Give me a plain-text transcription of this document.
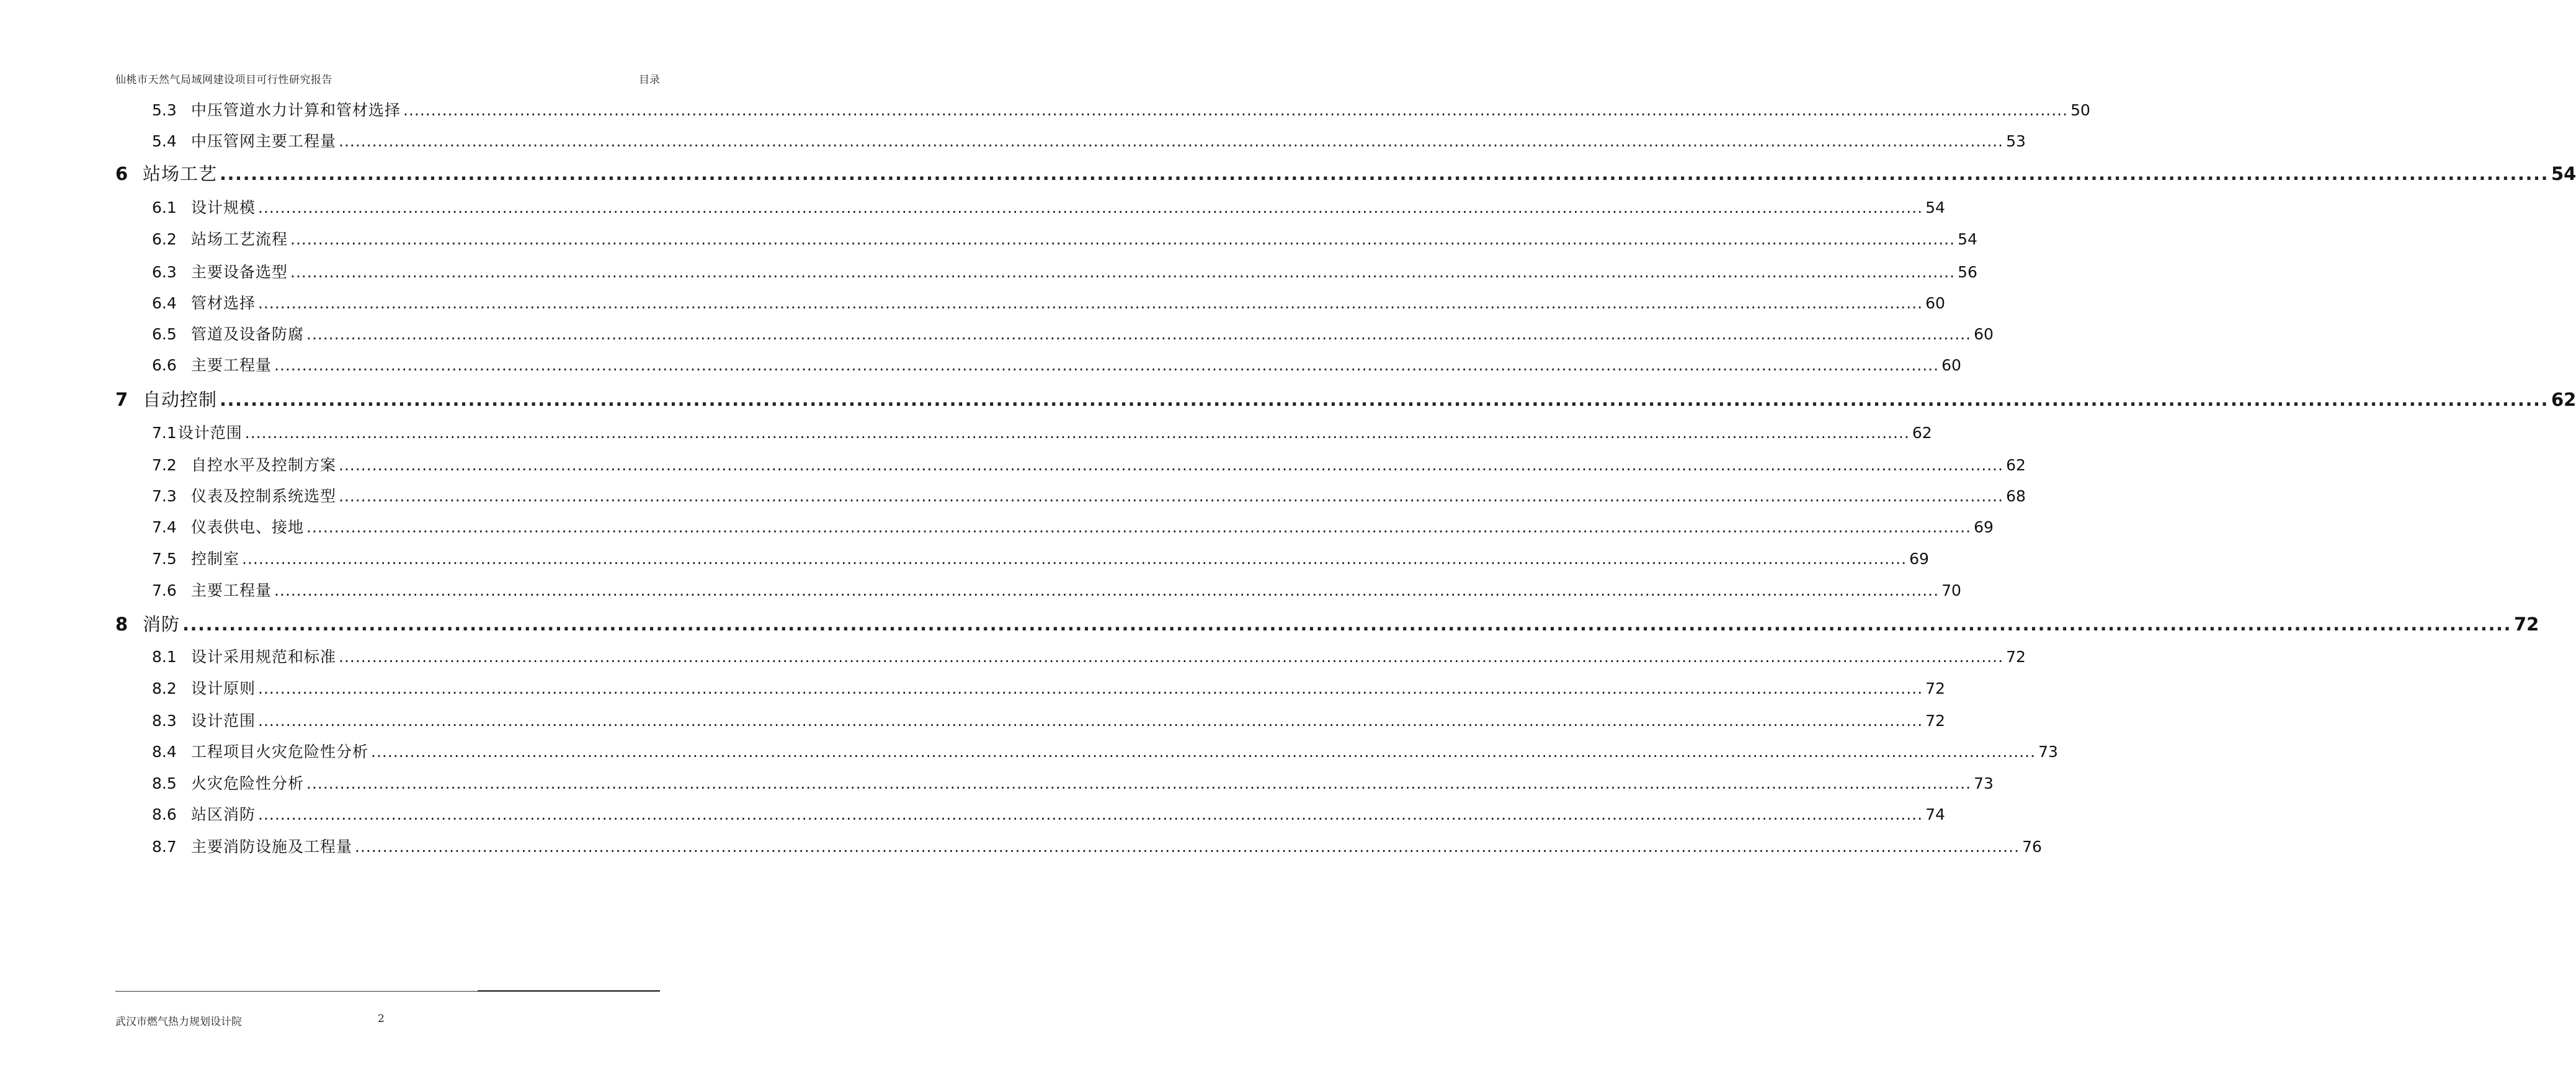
仙桃市天然气局域网建设项目可行性研究报告	目录
5.3 中压管道水力计算和管材选择 ............................................................................................................................................................................................................................................................................................................ 50
5.4 中压管网主要工程量 ............................................................................................................................................................................................................................................................................................................ 53
6 站场工艺 ............................................................................................................................................................................................................................................................................................................ 54
6.1 设计规模 ............................................................................................................................................................................................................................................................................................................ 54
6.2 站场工艺流程 ............................................................................................................................................................................................................................................................................................................ 54
6.3 主要设备选型 ............................................................................................................................................................................................................................................................................................................ 56
6.4 管材选择 ............................................................................................................................................................................................................................................................................................................ 60
6.5 管道及设备防腐 ............................................................................................................................................................................................................................................................................................................ 60
6.6 主要工程量 ............................................................................................................................................................................................................................................................................................................ 60
7 自动控制 ............................................................................................................................................................................................................................................................................................................ 62
7.1 设计范围 ............................................................................................................................................................................................................................................................................................................ 62
7.2 自控水平及控制方案 ............................................................................................................................................................................................................................................................................................................ 62
7.3 仪表及控制系统选型 ............................................................................................................................................................................................................................................................................................................ 68
7.4 仪表供电、接地 ............................................................................................................................................................................................................................................................................................................ 69
7.5 控制室 ............................................................................................................................................................................................................................................................................................................ 69
7.6 主要工程量 ............................................................................................................................................................................................................................................................................................................ 70
8 消防 ............................................................................................................................................................................................................................................................................................................ 72
8.1 设计采用规范和标准 ............................................................................................................................................................................................................................................................................................................ 72
8.2 设计原则 ............................................................................................................................................................................................................................................................................................................ 72
8.3 设计范围 ............................................................................................................................................................................................................................................................................................................ 72
8.4 工程项目火灾危险性分析 ............................................................................................................................................................................................................................................................................................................ 73
8.5 火灾危险性分析 ............................................................................................................................................................................................................................................................................................................ 73
8.6 站区消防 ............................................................................................................................................................................................................................................................................................................ 74
8.7 主要消防设施及工程量 ............................................................................................................................................................................................................................................................................................................ 76
武汉市燃气热力规划设计院	2
